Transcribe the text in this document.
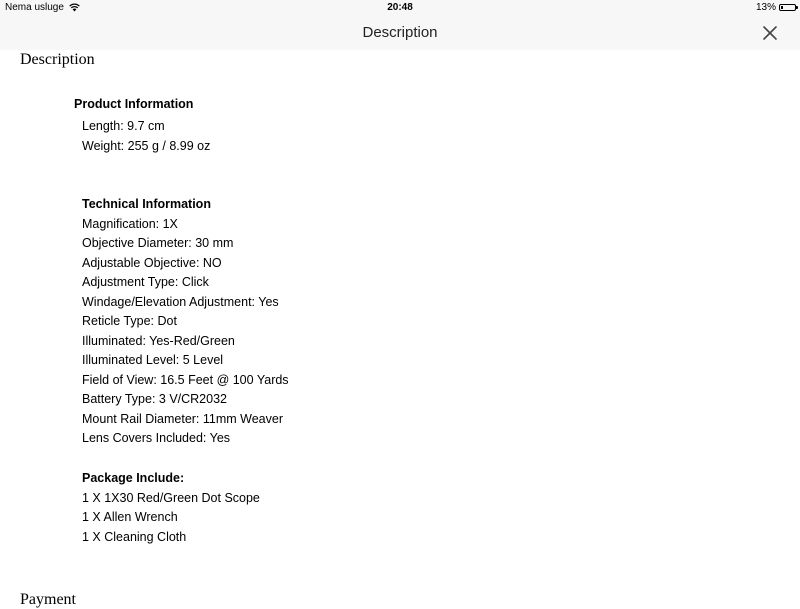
Nema usluge	20:48	13%
Description
Description
Product Information
Length: 9.7 cm
Weight: 255 g / 8.99 oz
Technical Information
Magnification: 1X
Objective Diameter: 30 mm
Adjustable Objective: NO
Adjustment Type: Click
Windage/Elevation Adjustment: Yes
Reticle Type: Dot
Illuminated: Yes-Red/Green
Illuminated Level: 5 Level
Field of View: 16.5 Feet @ 100 Yards
Battery Type: 3 V/CR2032
Mount Rail Diameter: 11mm Weaver
Lens Covers Included: Yes
Package Include:
1 X 1X30 Red/Green Dot Scope
1 X Allen Wrench
1 X Cleaning Cloth
Payment
